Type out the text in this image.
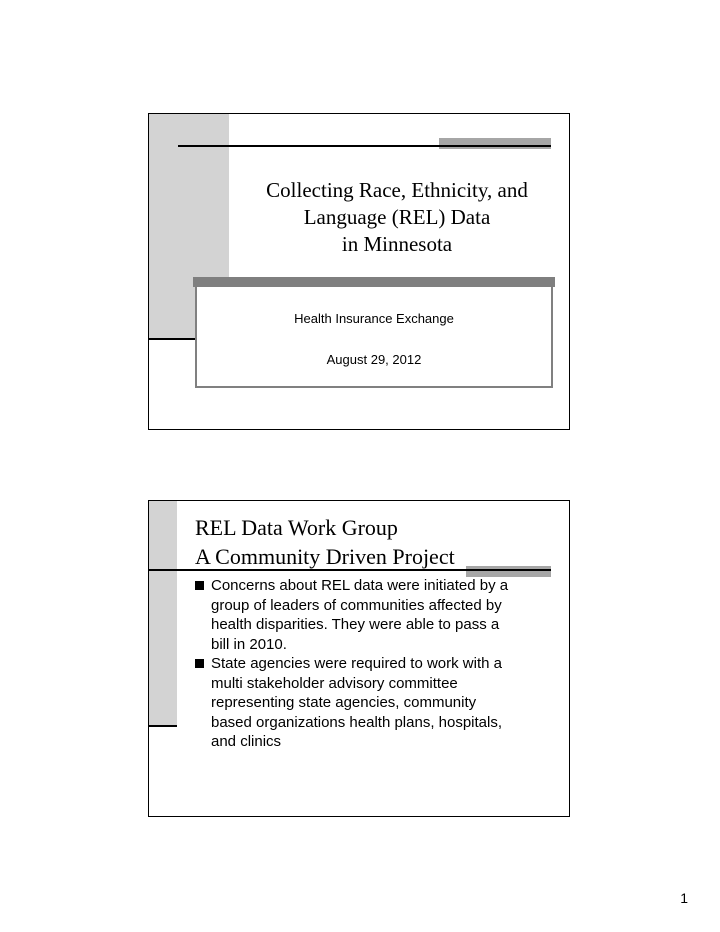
Collecting Race, Ethnicity, and
Language (REL) Data
in Minnesota
Health Insurance Exchange
August 29, 2012
REL Data Work Group
A Community Driven Project
Concerns about REL data were initiated by a
group of leaders of communities affected by
health disparities. They were able to pass a
bill in 2010.
State agencies were required to work with a
multi stakeholder advisory committee
representing state agencies, community
based organizations health plans, hospitals,
and clinics
1
